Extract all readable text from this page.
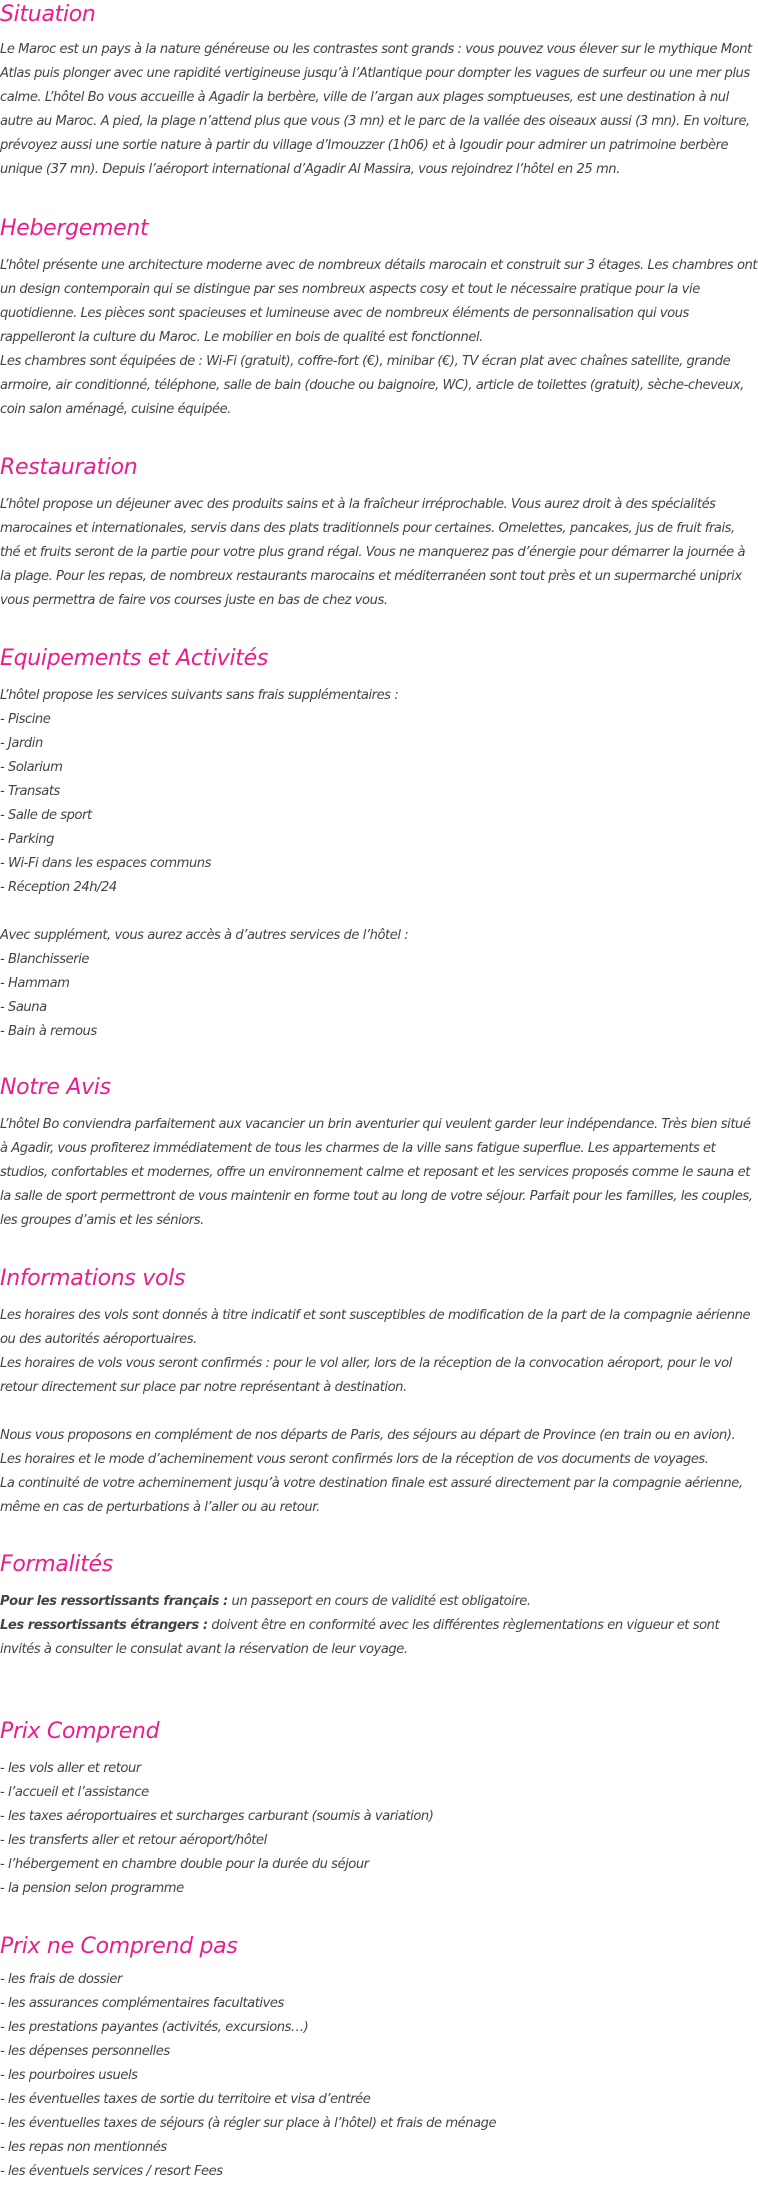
Situation

Le Maroc est un pays à la nature généreuse ou les contrastes sont grands : vous pouvez vous élever sur le mythique Mont Atlas puis plonger avec une rapidité vertigineuse jusqu’à l’Atlantique pour dompter les vagues de surfeur ou une mer plus calme. L’hôtel Bo vous accueille à Agadir la berbère, ville de l’argan aux plages somptueuses, est une destination à nul autre au Maroc. A pied, la plage n’attend plus que vous (3 mn) et le parc de la vallée des oiseaux aussi (3 mn). En voiture, prévoyez aussi une sortie nature à partir du village d’Imouzzer (1h06) et à Igoudir pour admirer un patrimoine berbère unique (37 mn). Depuis l’aéroport international d’Agadir Al Massira, vous rejoindrez l’hôtel en 25 mn.

Hebergement

L’hôtel présente une architecture moderne avec de nombreux détails marocain et construit sur 3 étages. Les chambres ont un design contemporain qui se distingue par ses nombreux aspects cosy et tout le nécessaire pratique pour la vie quotidienne. Les pièces sont spacieuses et lumineuse avec de nombreux éléments de personnalisation qui vous rappelleront la culture du Maroc. Le mobilier en bois de qualité est fonctionnel.

Les chambres sont équipées de : Wi-Fi (gratuit), coffre-fort (€), minibar (€), TV écran plat avec chaînes satellite, grande armoire, air conditionné, téléphone, salle de bain (douche ou baignoire, WC), article de toilettes (gratuit), sèche-cheveux, coin salon aménagé, cuisine équipée.

Restauration

L’hôtel propose un déjeuner avec des produits sains et à la fraîcheur irréprochable. Vous aurez droit à des spécialités marocaines et internationales, servis dans des plats traditionnels pour certaines. Omelettes, pancakes, jus de fruit frais, thé et fruits seront de la partie pour votre plus grand régal. Vous ne manquerez pas d’énergie pour démarrer la journée à la plage. Pour les repas, de nombreux restaurants marocains et méditerranéen sont tout près et un supermarché uniprix vous permettra de faire vos courses juste en bas de chez vous.

Equipements et Activités

L’hôtel propose les services suivants sans frais supplémentaires :

- Piscine
- Jardin
- Solarium
- Transats
- Salle de sport
- Parking
- Wi-Fi dans les espaces communs
- Réception 24h/24

Avec supplément, vous aurez accès à d’autres services de l’hôtel :

- Blanchisserie
- Hammam
- Sauna
- Bain à remous
Notre Avis

L’hôtel Bo conviendra parfaitement aux vacancier un brin aventurier qui veulent garder leur indépendance. Très bien situé à Agadir, vous profiterez immédiatement de tous les charmes de la ville sans fatigue superflue. Les appartements et studios, confortables et modernes, offre un environnement calme et reposant et les services proposés comme le sauna et la salle de sport permettront de vous maintenir en forme tout au long de votre séjour. Parfait pour les familles, les couples, les groupes d’amis et les séniors.

Informations vols

Les horaires des vols sont donnés à titre indicatif et sont susceptibles de modification de la part de la compagnie aérienne ou des autorités aéroportuaires.

Les horaires de vols vous seront confirmés : pour le vol aller, lors de la réception de la convocation aéroport, pour le vol retour directement sur place par notre représentant à destination.

Nous vous proposons en complément de nos départs de Paris, des séjours au départ de Province (en train ou en avion).

Les horaires et le mode d’acheminement vous seront confirmés lors de la réception de vos documents de voyages.

La continuité de votre acheminement jusqu’à votre destination finale est assuré directement par la compagnie aérienne, même en cas de perturbations à l’aller ou au retour.

Formalités

Pour les ressortissants français : un passeport en cours de validité est obligatoire.

Les ressortissants étrangers : doivent être en conformité avec les différentes règlementations en vigueur et sont invités à consulter le consulat avant la réservation de leur voyage.

Prix Comprend
- les vols aller et retour
- l’accueil et l’assistance
- les taxes aéroportuaires et surcharges carburant (soumis à variation)
- les transferts aller et retour aéroport/hôtel
- l’hébergement en chambre double pour la durée du séjour
- la pension selon programme
Prix ne Comprend pas
- les frais de dossier
- les assurances complémentaires facultatives
- les prestations payantes (activités, excursions…)
- les dépenses personnelles
- les pourboires usuels
- les éventuelles taxes de sortie du territoire et visa d’entrée
- les éventuelles taxes de séjours (à régler sur place à l’hôtel) et frais de ménage
- les repas non mentionnés
- les éventuels services / resort Fees
